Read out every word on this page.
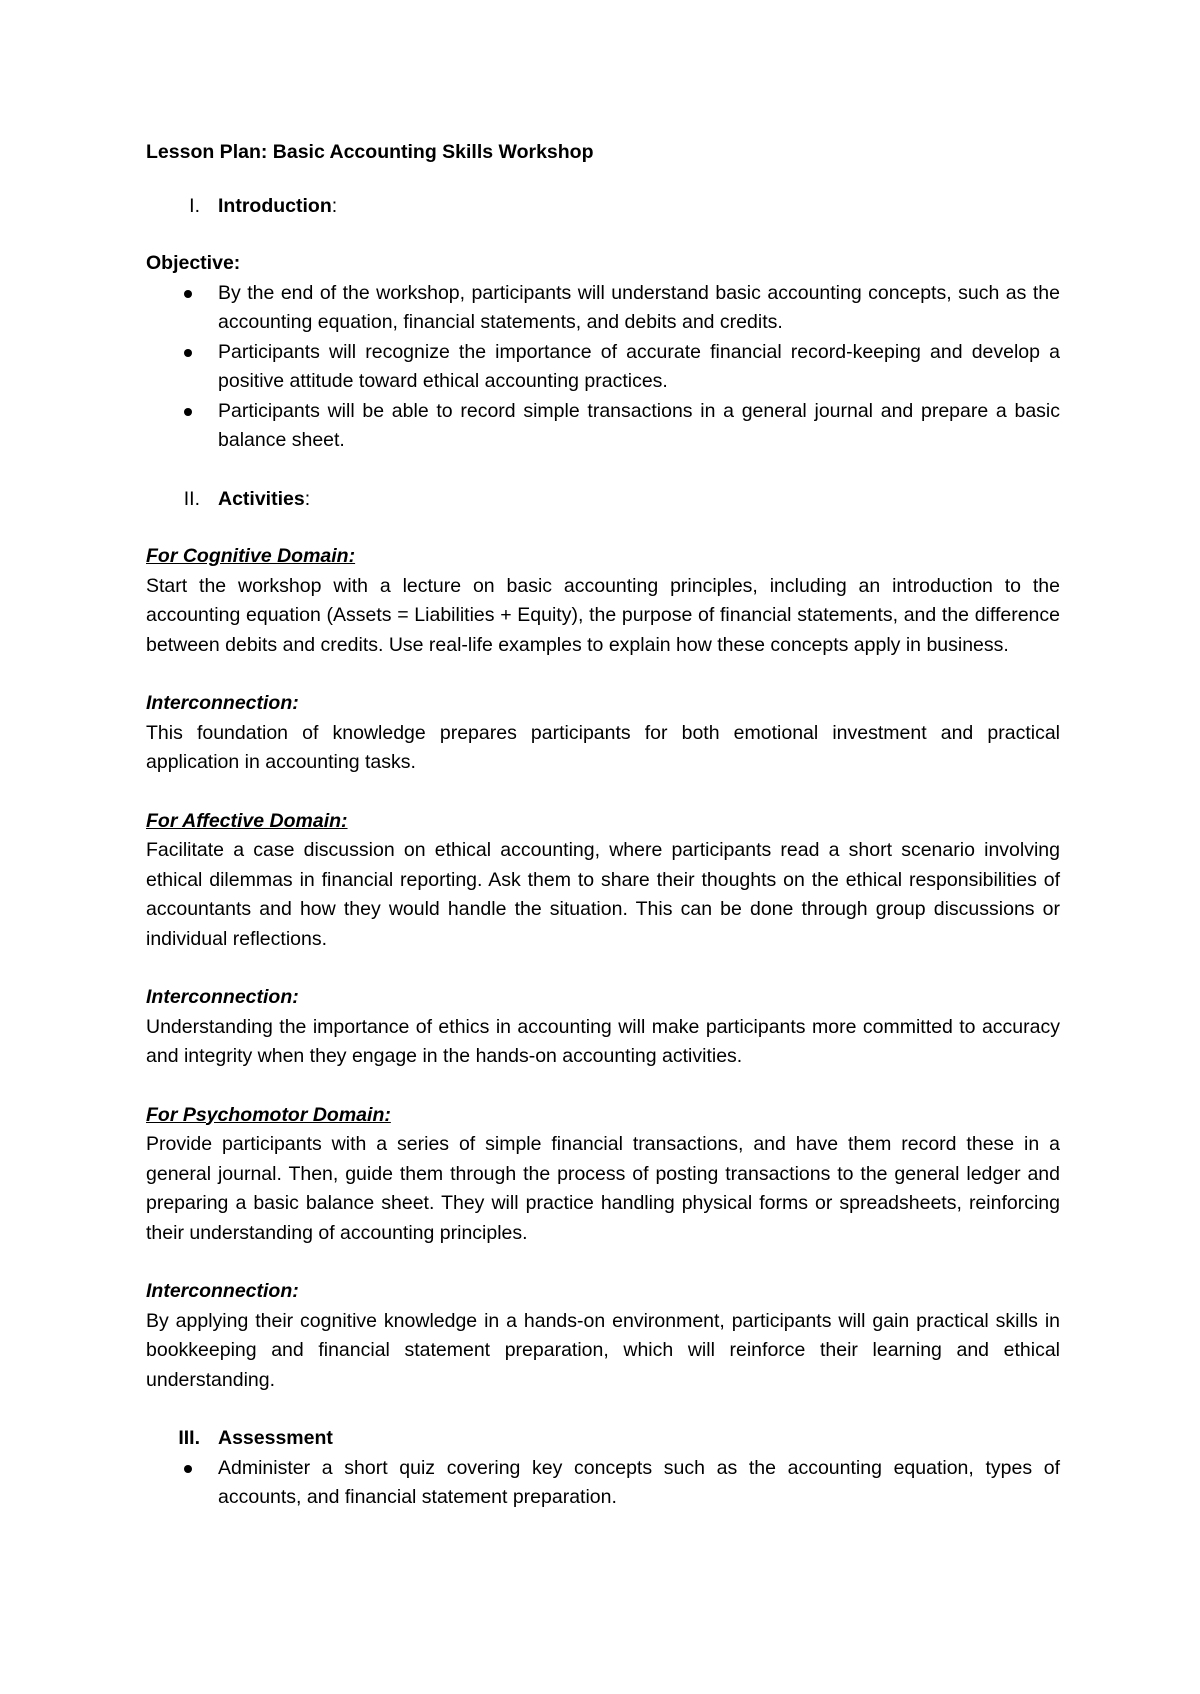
Lesson Plan: Basic Accounting Skills Workshop
I. Introduction:
Objective:
By the end of the workshop, participants will understand basic accounting concepts, such as the accounting equation, financial statements, and debits and credits.
Participants will recognize the importance of accurate financial record-keeping and develop a positive attitude toward ethical accounting practices.
Participants will be able to record simple transactions in a general journal and prepare a basic balance sheet.
II. Activities:
For Cognitive Domain:
Start the workshop with a lecture on basic accounting principles, including an introduction to the accounting equation (Assets = Liabilities + Equity), the purpose of financial statements, and the difference between debits and credits. Use real-life examples to explain how these concepts apply in business.
Interconnection:
This foundation of knowledge prepares participants for both emotional investment and practical application in accounting tasks.
For Affective Domain:
Facilitate a case discussion on ethical accounting, where participants read a short scenario involving ethical dilemmas in financial reporting. Ask them to share their thoughts on the ethical responsibilities of accountants and how they would handle the situation. This can be done through group discussions or individual reflections.
Interconnection:
Understanding the importance of ethics in accounting will make participants more committed to accuracy and integrity when they engage in the hands-on accounting activities.
For Psychomotor Domain:
Provide participants with a series of simple financial transactions, and have them record these in a general journal. Then, guide them through the process of posting transactions to the general ledger and preparing a basic balance sheet. They will practice handling physical forms or spreadsheets, reinforcing their understanding of accounting principles.
Interconnection:
By applying their cognitive knowledge in a hands-on environment, participants will gain practical skills in bookkeeping and financial statement preparation, which will reinforce their learning and ethical understanding.
III. Assessment
Administer a short quiz covering key concepts such as the accounting equation, types of accounts, and financial statement preparation.
